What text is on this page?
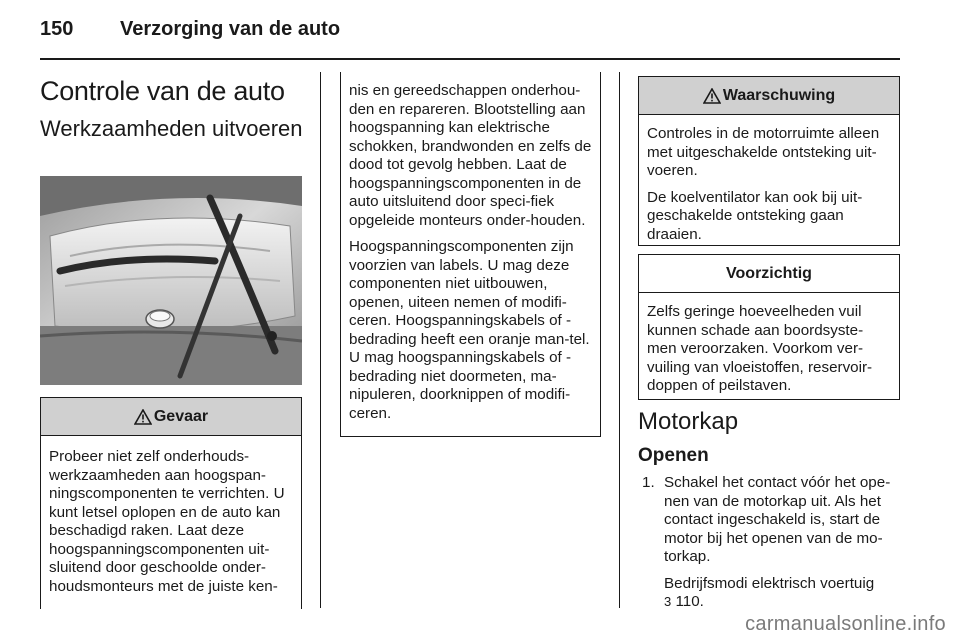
150 Verzorging van de auto
Controle van de auto
Werkzaamheden uitvoeren
Gevaar

Probeer niet zelf onderhouds-werkzaamheden aan hoogspan-ningscomponenten te verrichten. U kunt letsel oplopen en de auto kan beschadigd raken. Laat deze hoogspanningscomponenten uit-sluitend door geschoolde onder-houdsmonteurs met de juiste ken-

nis en gereedschappen onderhou-den en repareren. Blootstelling aan hoogspanning kan elektrische schokken, brandwonden en zelfs de dood tot gevolg hebben. Laat de hoogspanningscomponenten in de auto uitsluitend door speci-fiek opgeleide monteurs onder-houden.

Hoogspanningscomponenten zijn voorzien van labels. U mag deze componenten niet uitbouwen, openen, uiteen nemen of modifi-ceren. Hoogspanningskabels of -bedrading heeft een oranje man-tel. U mag hoogspanningskabels of -bedrading niet doormeten, ma-nipuleren, doorknippen of modifi-ceren.

Waarschuwing

Controles in de motorruimte alleen met uitgeschakelde ontsteking uit-voeren.

De koelventilator kan ook bij uit-geschakelde ontsteking gaan draaien.

Voorzichtig

Zelfs geringe hoeveelheden vuil kunnen schade aan boordsyste-men veroorzaken. Voorkom ver-vuiling van vloeistoffen, reservoir-doppen of peilstaven.

Motorkap
Openen
1. Schakel het contact vóór het ope-nen van de motorkap uit. Als het contact ingeschakeld is, start de motor bij het openen van de mo-torkap.

Bedrijfsmodi elektrisch voertuig
3 110.

carmanualsonline.info
